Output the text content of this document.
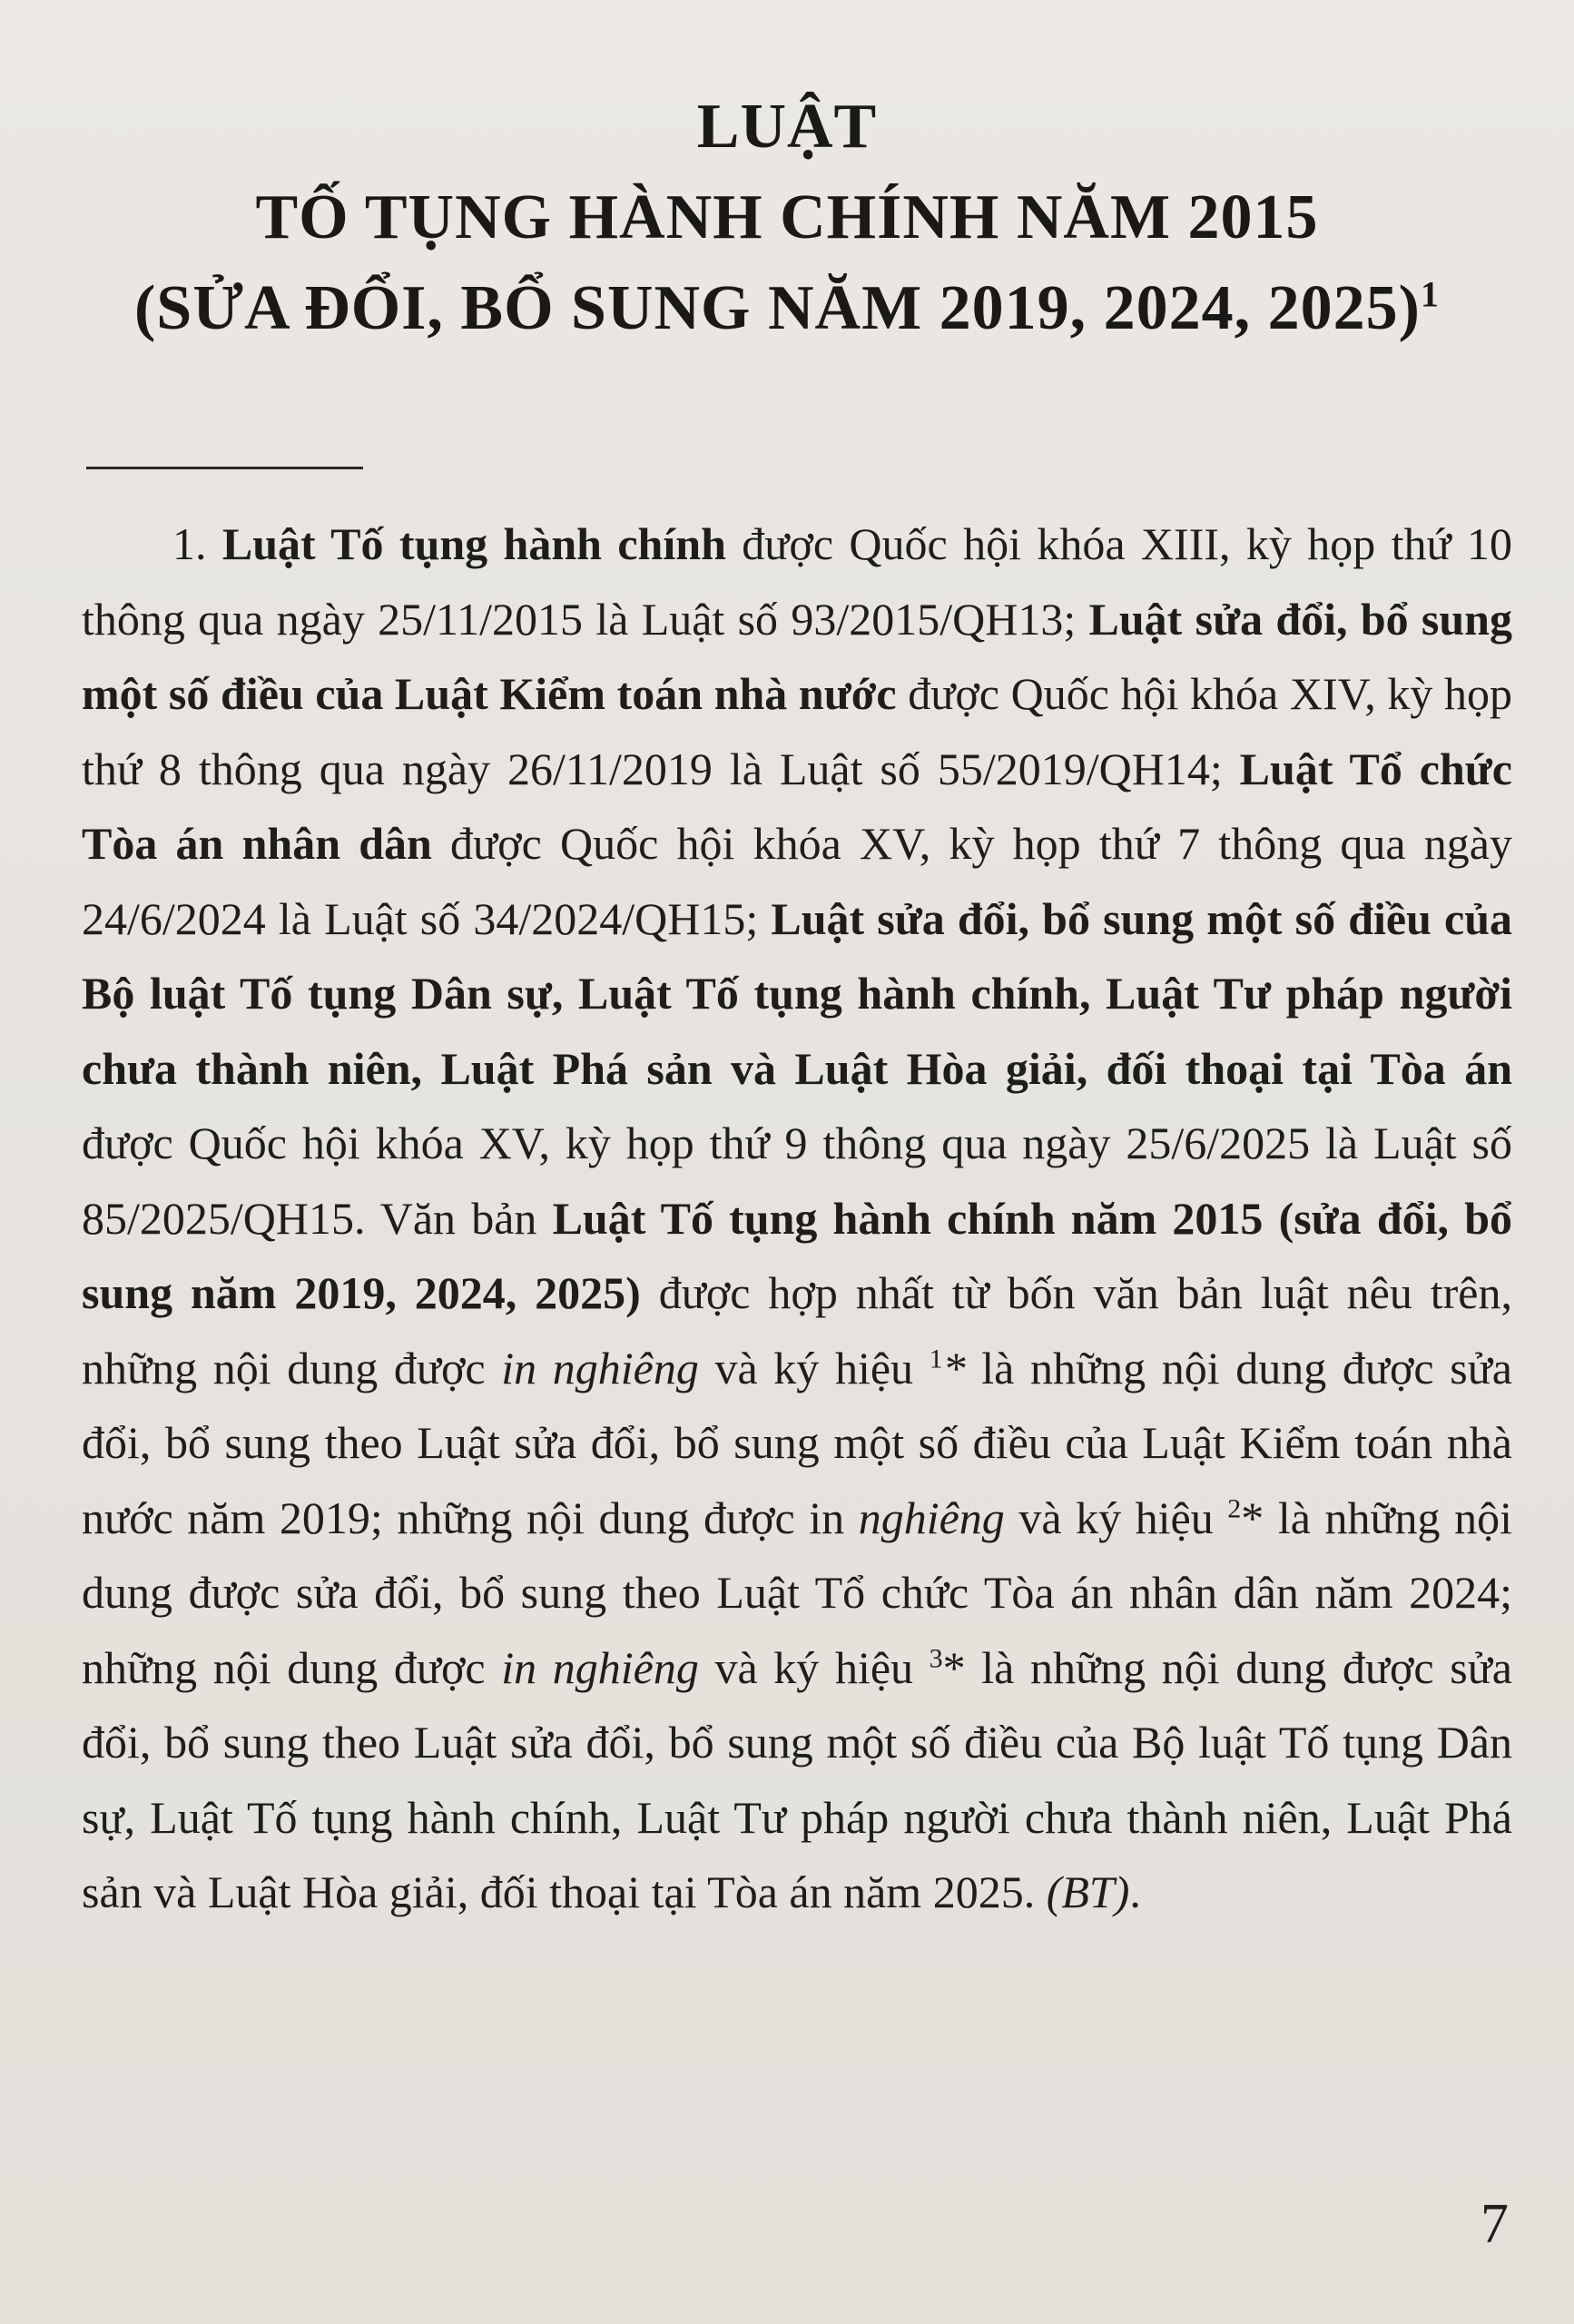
LUẬT

TỐ TỤNG HÀNH CHÍNH NĂM 2015

(SỬA ĐỔI, BỔ SUNG NĂM 2019, 2024, 2025)$^1$

1. Luật Tố tụng hành chính được Quốc hội khóa XIII, kỳ họp thứ 10 thông qua ngày 25/11/2015 là Luật số 93/2015/QH13; Luật sửa đổi, bổ sung một số điều của Luật Kiểm toán nhà nước được Quốc hội khóa XIV, kỳ họp thứ 8 thông qua ngày 26/11/2019 là Luật số 55/2019/QH14; Luật Tổ chức Tòa án nhân dân được Quốc hội khóa XV, kỳ họp thứ 7 thông qua ngày 24/6/2024 là Luật số 34/2024/QH15; Luật sửa đổi, bổ sung một số điều của Bộ luật Tố tụng Dân sự, Luật Tố tụng hành chính, Luật Tư pháp người chưa thành niên, Luật Phá sản và Luật Hòa giải, đối thoại tại Tòa án được Quốc hội khóa XV, kỳ họp thứ 9 thông qua ngày 25/6/2025 là Luật số 85/2025/QH15. Văn bản Luật Tố tụng hành chính năm 2015 (sửa đổi, bổ sung năm 2019, 2024, 2025) được hợp nhất từ bốn văn bản luật nêu trên, những nội dung được in nghiêng và ký hiệu $^1$* là những nội dung được sửa đổi, bổ sung theo Luật sửa đổi, bổ sung một số điều của Luật Kiểm toán nhà nước năm 2019; những nội dung được in nghiêng và ký hiệu $^2$* là những nội dung được sửa đổi, bổ sung theo Luật Tổ chức Tòa án nhân dân năm 2024; những nội dung được in nghiêng và ký hiệu $^3$* là những nội dung được sửa đổi, bổ sung theo Luật sửa đổi, bổ sung một số điều của Bộ luật Tố tụng Dân sự, Luật Tố tụng hành chính, Luật Tư pháp người chưa thành niên, Luật Phá sản và Luật Hòa giải, đối thoại tại Tòa án năm 2025. (BT).

7
